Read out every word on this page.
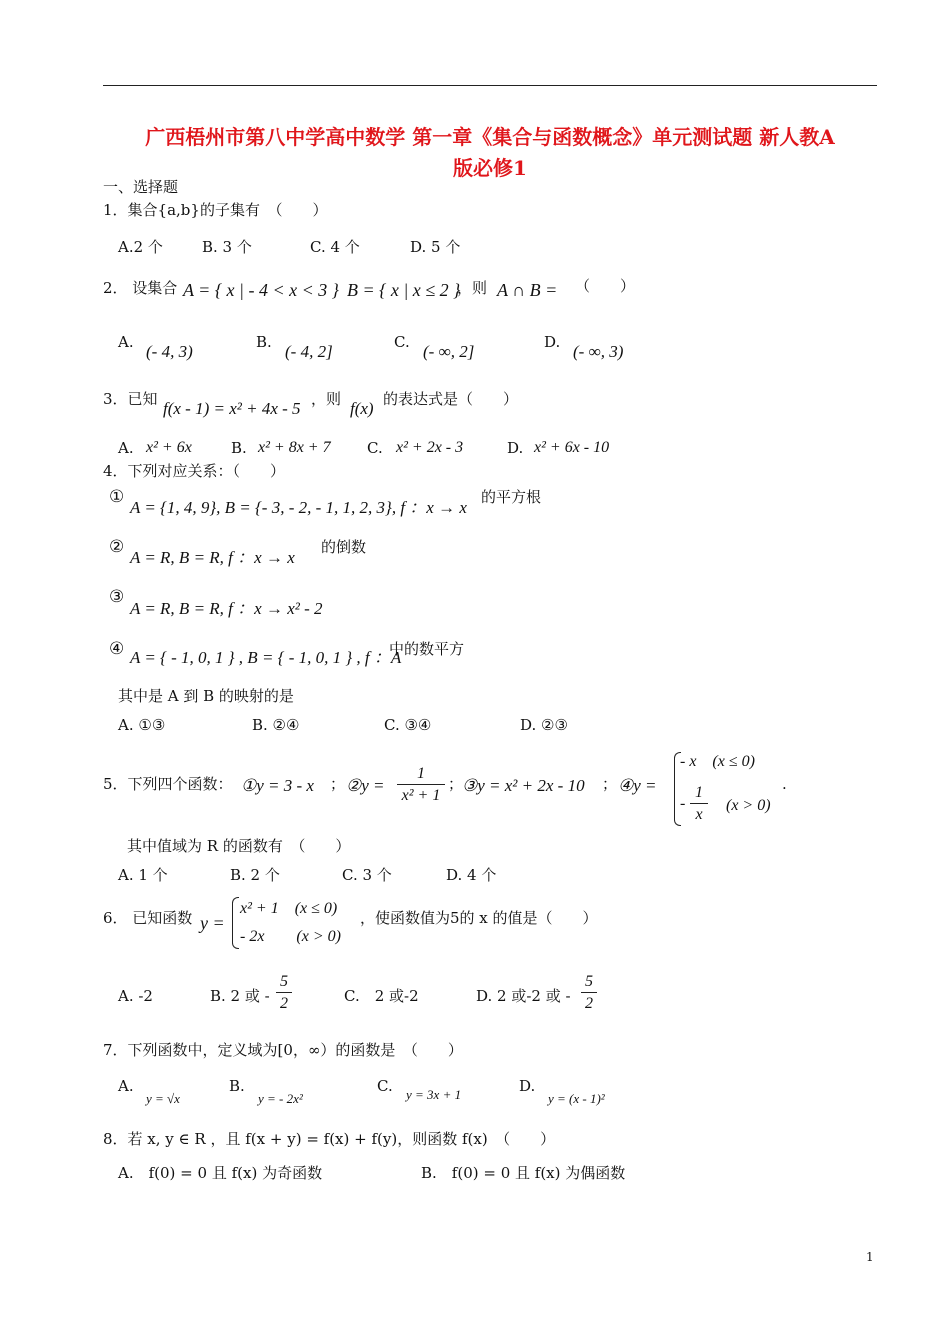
广西梧州市第八中学高中数学 第一章《集合与函数概念》单元测试题 新人教A
版必修1
一、选择题
1．集合{a,b}的子集有　（　　）
A.2 个	B. 3 个	C. 4 个	D. 5 个
2． 设集合 A = { x | - 4 < x < 3 } B = { x | x ≤ 2 }
，则 A ∩ B = （　　）
A. (- 4, 3)	B. (- 4, 2]	C. (- ∞, 2]	D. (- ∞, 3)
3．已知 f(x - 1) = x² + 4x - 5 ，则 f(x) 的表达式是（　　）
A. x² + 6x	B. x² + 8x + 7 C. x² + 2x - 3	D. x² + 6x - 10
4．下列对应关系：（　　）
①
A = {1, 4, 9}, B = {- 3, - 2, - 1, 1, 2, 3}, f ：x → x
的平方根
②
A = R, B = R, f ：x → x
的倒数
③
A = R, B = R, f ：x → x² - 2
④ A = { - 1, 0, 1 } , B = { - 1, 0, 1 } , f ：A
中的数平方
其中是 A 到 B 的映射的是
A. ①③	B. ②④	C. ③④	D. ②③
5．下列四个函数： ①y = 3 - x ； ②y = $\frac{1}{\text{x² + 1}}$ ；
③y = x² + 2x - 10 ； ④y =
- x　(x ≤ 0)
- $\frac{1}{x} (x > 0)$
.
其中值域为 R 的函数有　（　　）
A. 1 个	B. 2 个	C. 3 个	D. 4 个
6． 已知函数 y =
x² + 1　(x ≤ 0)
- 2x　　(x > 0)
，使函数值为5的 x 的值是（　　）
A. -2	B. 2 或 - $\frac{5}{2}$	C.　2 或-2	D. 2 或-2 或 - $\frac{5}{2}$
7．下列函数中，定义域为[0，∞）的函数是　（　　）
A.
y = √x
B.
y = - 2x²
C. y = 3x + 1	D.
y = (x - 1)²
8．若 x, y ∈ R ，且 f(x + y) = f(x) + f(y)，则函数 f(x)　（　　）
A.　f(0) = 0 且 f(x) 为奇函数	B.　f(0) = 0 且 f(x) 为偶函数
1
